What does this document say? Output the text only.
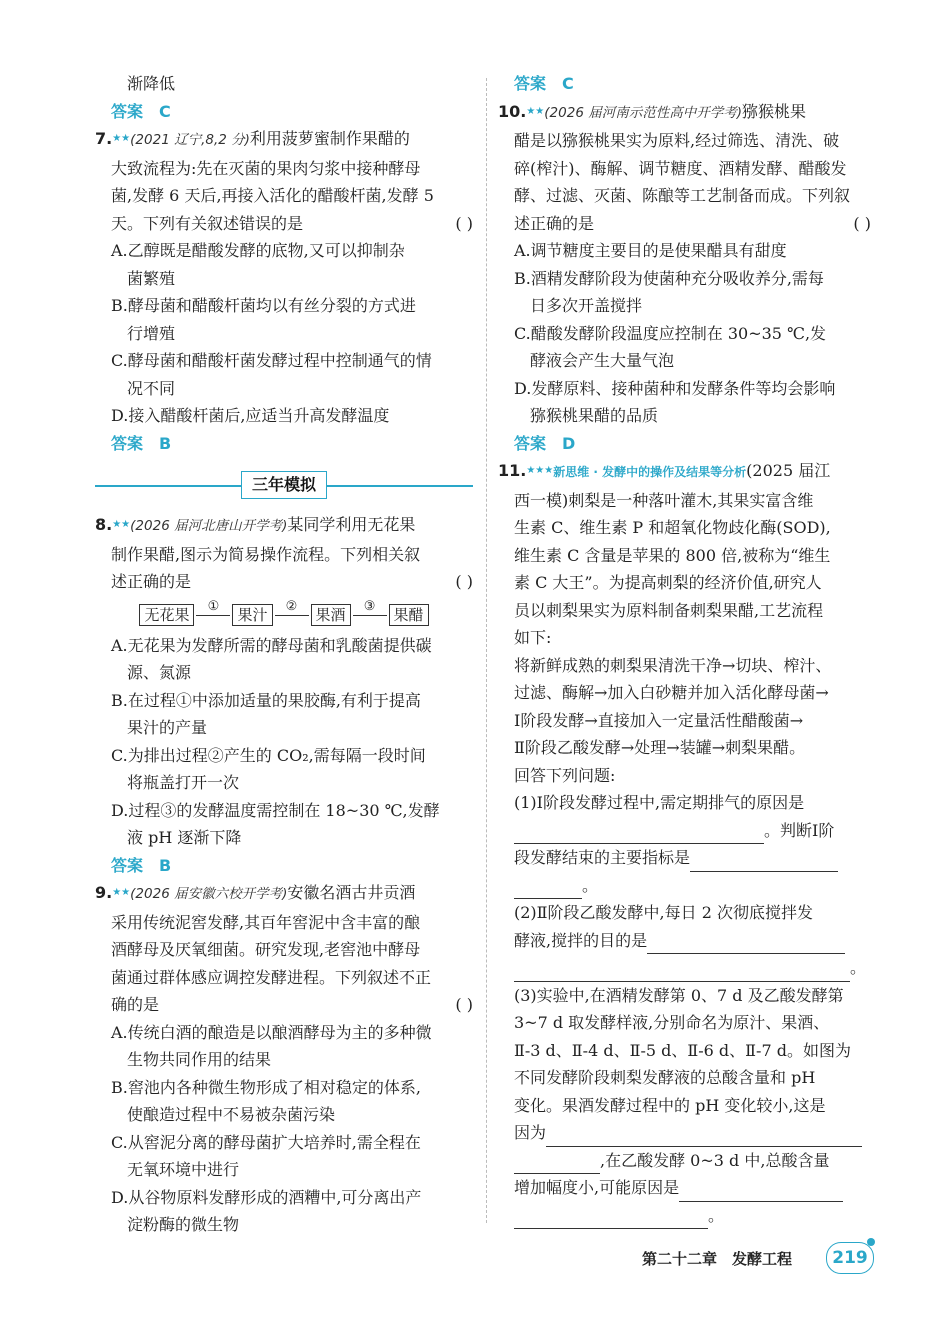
渐降低
答案 C
7.★★(2021 辽宁,8,2 分)利用菠萝蜜制作果醋的
大致流程为:先在灭菌的果肉匀浆中接种酵母
菌,发酵 6 天后,再接入活化的醋酸杆菌,发酵 5
天。下列有关叙述错误的是	( )
A.乙醇既是醋酸发酵的底物,又可以抑制杂
菌繁殖
B.酵母菌和醋酸杆菌均以有丝分裂的方式进
行增殖
C.酵母菌和醋酸杆菌发酵过程中控制通气的情
况不同
D.接入醋酸杆菌后,应适当升高发酵温度
答案 B
三年模拟
8.★★(2026 届河北唐山开学考)某同学利用无花果
制作果醋,图示为简易操作流程。下列相关叙
述正确的是	( )
无花果	①	果汁	②	果酒	③	果醋
A.无花果为发酵所需的酵母菌和乳酸菌提供碳
源、氮源
B.在过程①中添加适量的果胶酶,有利于提高
果汁的产量
C.为排出过程②产生的 CO₂,需每隔一段时间
将瓶盖打开一次
D.过程③的发酵温度需控制在 18~30 ℃,发酵
液 pH 逐渐下降
答案 B
9.★★(2026 届安徽六校开学考)安徽名酒古井贡酒
采用传统泥窖发酵,其百年窖泥中含丰富的酿
酒酵母及厌氧细菌。研究发现,老窖池中酵母
菌通过群体感应调控发酵进程。下列叙述不正
确的是	( )
A.传统白酒的酿造是以酿酒酵母为主的多种微
生物共同作用的结果
B.窖池内各种微生物形成了相对稳定的体系,
使酿造过程中不易被杂菌污染
C.从窖泥分离的酵母菌扩大培养时,需全程在
无氧环境中进行
D.从谷物原料发酵形成的酒糟中,可分离出产
淀粉酶的微生物
答案 C
10.★★(2026 届河南示范性高中开学考)猕猴桃果
醋是以猕猴桃果实为原料,经过筛选、清洗、破
碎(榨汁)、酶解、调节糖度、酒精发酵、醋酸发
酵、过滤、灭菌、陈酿等工艺制备而成。下列叙
述正确的是	( )
A.调节糖度主要目的是使果醋具有甜度
B.酒精发酵阶段为使菌种充分吸收养分,需每
日多次开盖搅拌
C.醋酸发酵阶段温度应控制在 30~35 ℃,发
酵液会产生大量气泡
D.发酵原料、接种菌种和发酵条件等均会影响
猕猴桃果醋的品质
答案 D
11.★★★新思维 · 发酵中的操作及结果等分析(2025 届江
西一模)刺梨是一种落叶灌木,其果实富含维
生素 C、维生素 P 和超氧化物歧化酶(SOD),
维生素 C 含量是苹果的 800 倍,被称为“维生
素 C 大王”。为提高刺梨的经济价值,研究人
员以刺梨果实为原料制备刺梨果醋,工艺流程
如下:
将新鲜成熟的刺梨果清洗干净→切块、榨汁、
过滤、酶解→加入白砂糖并加入活化酵母菌→
Ⅰ阶段发酵→直接加入一定量活性醋酸菌→
Ⅱ阶段乙酸发酵→处理→装罐→刺梨果醋。
回答下列问题:
(1)Ⅰ阶段发酵过程中,需定期排气的原因是
。判断Ⅰ阶
段发酵结束的主要指标是
。
(2)Ⅱ阶段乙酸发酵中,每日 2 次彻底搅拌发
酵液,搅拌的目的是
。
(3)实验中,在酒精发酵第 0、7 d 及乙酸发酵第
3~7 d 取发酵样液,分别命名为原汁、果酒、
Ⅱ-3 d、Ⅱ-4 d、Ⅱ-5 d、Ⅱ-6 d、Ⅱ-7 d。如图为
不同发酵阶段刺梨发酵液的总酸含量和 pH
变化。果酒发酵过程中的 pH 变化较小,这是
因为
,在乙酸发酵 0~3 d 中,总酸含量
增加幅度小,可能原因是
。
第二十二章　发酵工程	219
